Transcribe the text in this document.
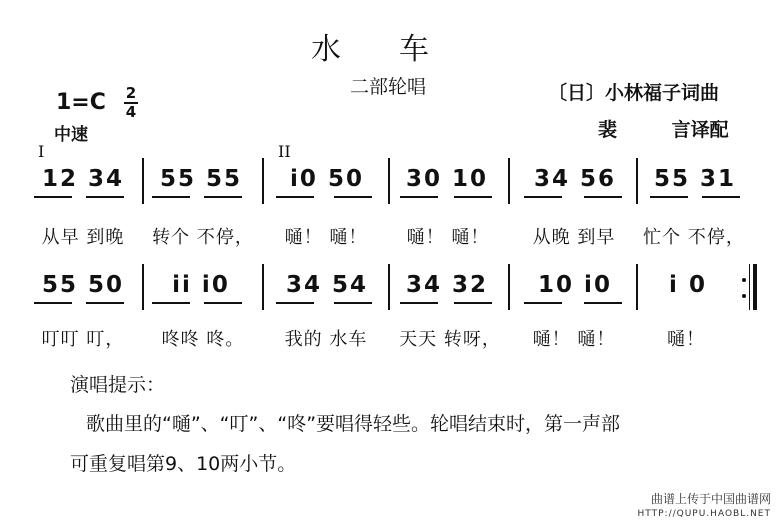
水车
二部轮唱	〔日〕小林福子词曲
裴 言译配
1=C 2
4
中速
I	II
12 34	55 55	i0 50	30 10	34 56	55 31
从早 到晚	转个 不停，	嗵！ 嗵！	嗵！ 嗵！	从晚 到早	忙个 不停，
55 50	ii i0	34 54	34 32	10 i0	i 0
叮叮 叮，	咚咚 咚。	我的 水车	天天 转呀，	嗵！ 嗵！	嗵！
演唱提示：
歌曲里的“嗵”、“叮”、“咚”要唱得轻些。轮唱结束时，第一声部
可重复唱第9、10两小节。
曲谱上传于中国曲谱网
HTTP://QUPU.HAOBL.NET
